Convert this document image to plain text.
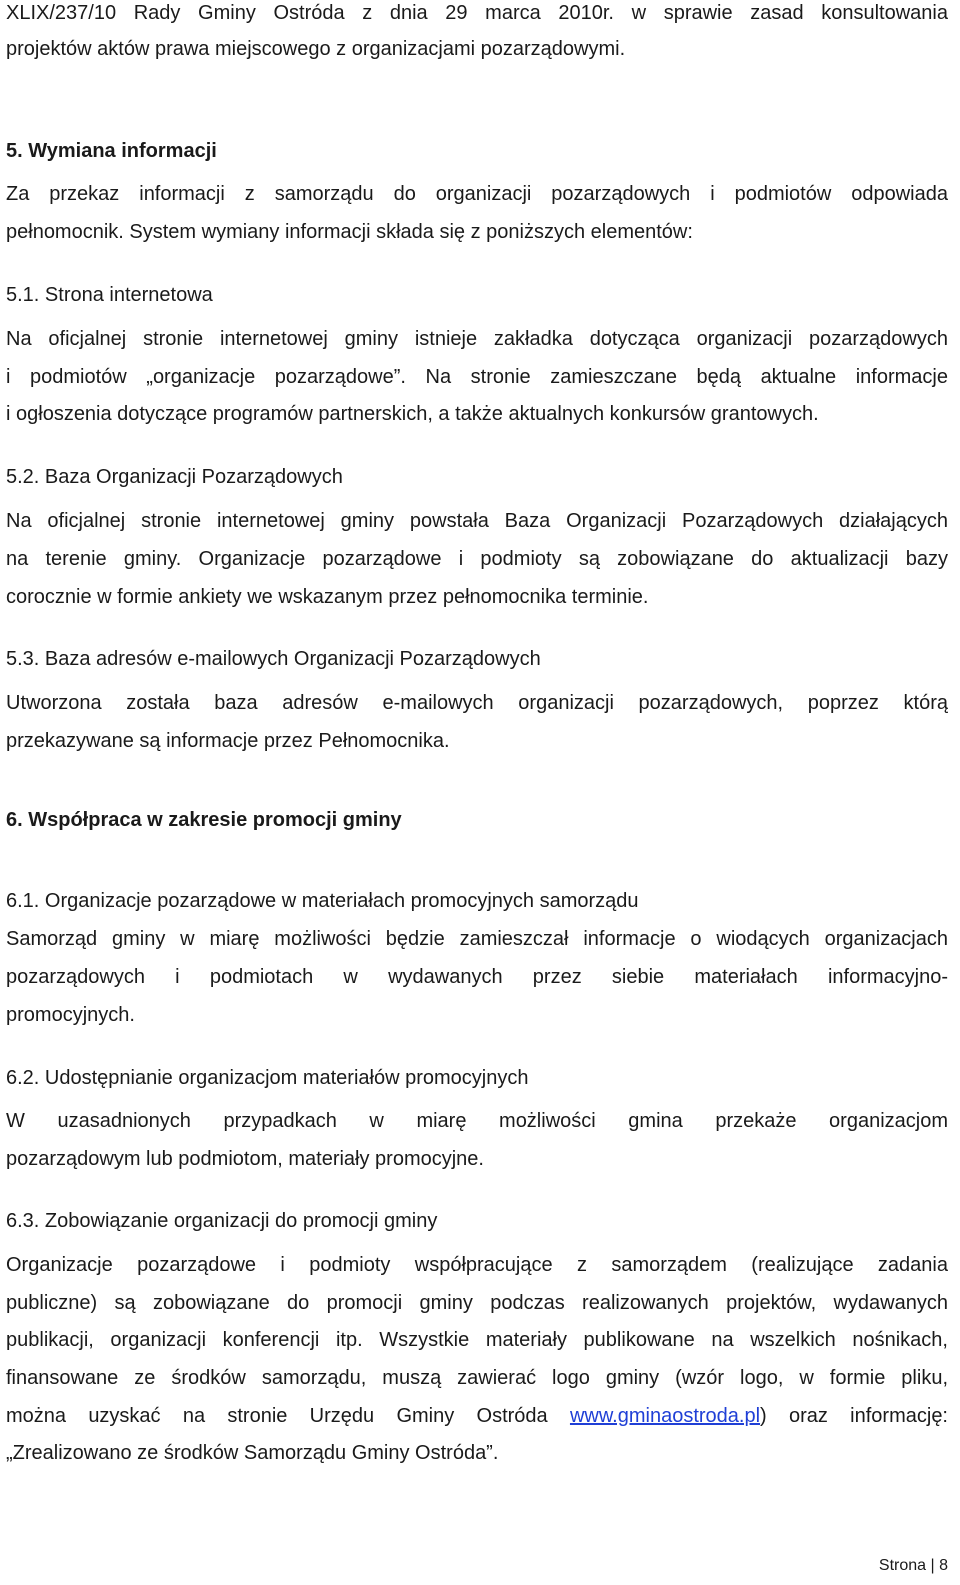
XLIX/237/10 Rady Gminy Ostróda z dnia 29 marca 2010r. w sprawie zasad konsultowania
projektów aktów prawa miejscowego z organizacjami pozarządowymi.
5. Wymiana informacji
Za przekaz informacji z samorządu do organizacji pozarządowych i podmiotów odpowiada
pełnomocnik. System wymiany informacji składa się z poniższych elementów:
5.1. Strona internetowa
Na oficjalnej stronie internetowej gminy istnieje zakładka dotycząca organizacji pozarządowych
i podmiotów „organizacje pozarządowe”. Na stronie zamieszczane będą aktualne informacje
i ogłoszenia dotyczące programów partnerskich, a także aktualnych konkursów grantowych.
5.2. Baza Organizacji Pozarządowych
Na oficjalnej stronie internetowej gminy powstała Baza Organizacji Pozarządowych działających
na terenie gminy. Organizacje pozarządowe i podmioty są zobowiązane do aktualizacji bazy
corocznie w formie ankiety we wskazanym przez pełnomocnika terminie.
5.3. Baza adresów e-mailowych Organizacji Pozarządowych
Utworzona została baza adresów e-mailowych organizacji pozarządowych, poprzez którą
przekazywane są informacje przez Pełnomocnika.
6. Współpraca w zakresie promocji gminy
6.1. Organizacje pozarządowe w materiałach promocyjnych samorządu
Samorząd gminy w miarę możliwości będzie zamieszczał informacje o wiodących organizacjach
pozarządowych i podmiotach w wydawanych przez siebie materiałach informacyjno-
promocyjnych.
6.2. Udostępnianie organizacjom materiałów promocyjnych
W uzasadnionych przypadkach w miarę możliwości gmina przekaże organizacjom
pozarządowym lub podmiotom, materiały promocyjne.
6.3. Zobowiązanie organizacji do promocji gminy
Organizacje pozarządowe i podmioty współpracujące z samorządem (realizujące zadania
publiczne) są zobowiązane do promocji gminy podczas realizowanych projektów, wydawanych
publikacji, organizacji konferencji itp. Wszystkie materiały publikowane na wszelkich nośnikach,
finansowane ze środków samorządu, muszą zawierać logo gminy (wzór logo, w formie pliku,
można uzyskać na stronie Urzędu Gminy Ostróda www.gminaostroda.pl) oraz informację:
„Zrealizowano ze środków Samorządu Gminy Ostróda”.
Strona | 8
